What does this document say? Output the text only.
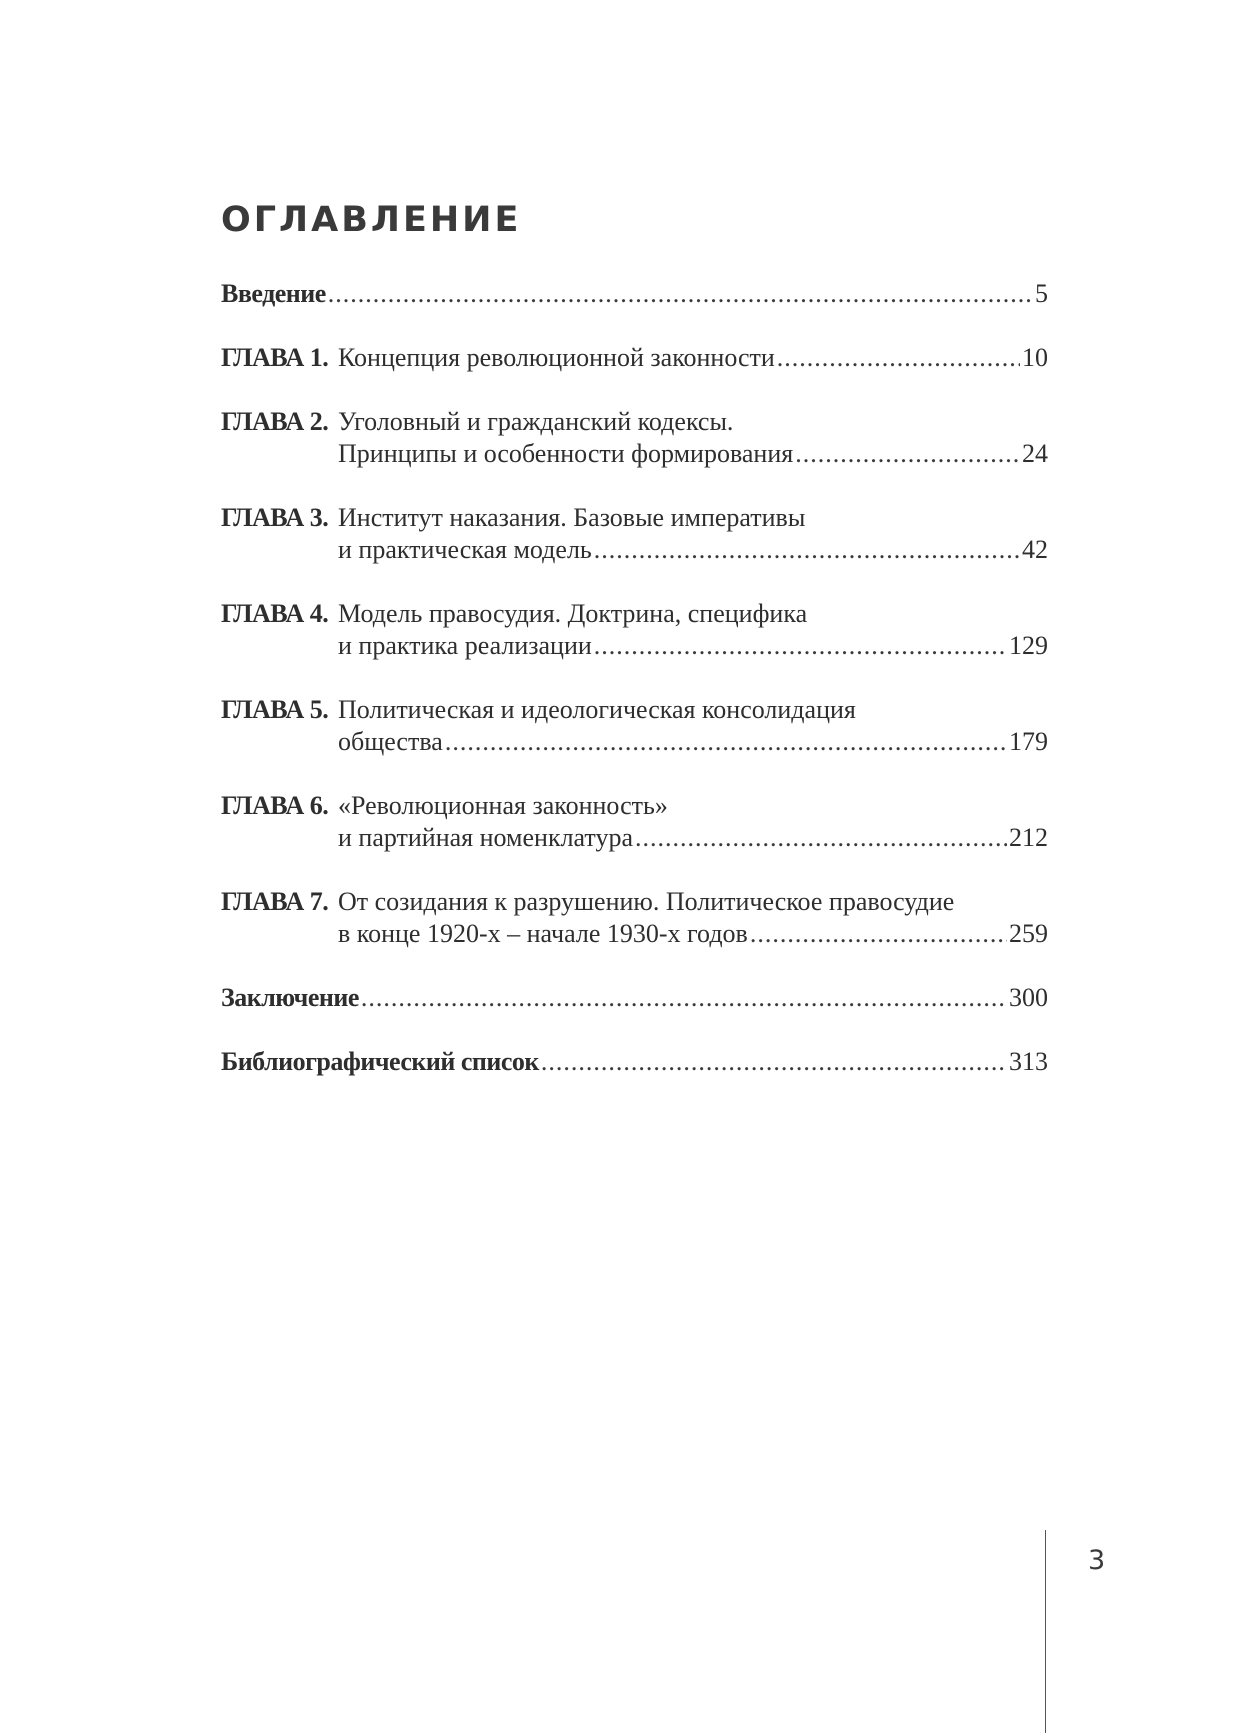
ОГЛАВЛЕНИЕ
Введение .....	5
ГЛАВА 1. Концепция революционной законности .....	10
ГЛАВА 2. Уголовный и гражданский кодексы.
Принципы и особенности формирования .....	24
ГЛАВА 3. Институт наказания. Базовые императивы
и практическая модель .....	42
ГЛАВА 4. Модель правосудия. Доктрина, специфика
и практика реализации .....	129
ГЛАВА 5. Политическая и идеологическая консолидация
общества .....	179
ГЛАВА 6. «Революционная законность»
и партийная номенклатура .....	212
ГЛАВА 7. От созидания к разрушению. Политическое правосудие
в конце 1920-х – начале 1930-х годов .....	259
Заключение .....	300
Библиографический список .....	313
3
